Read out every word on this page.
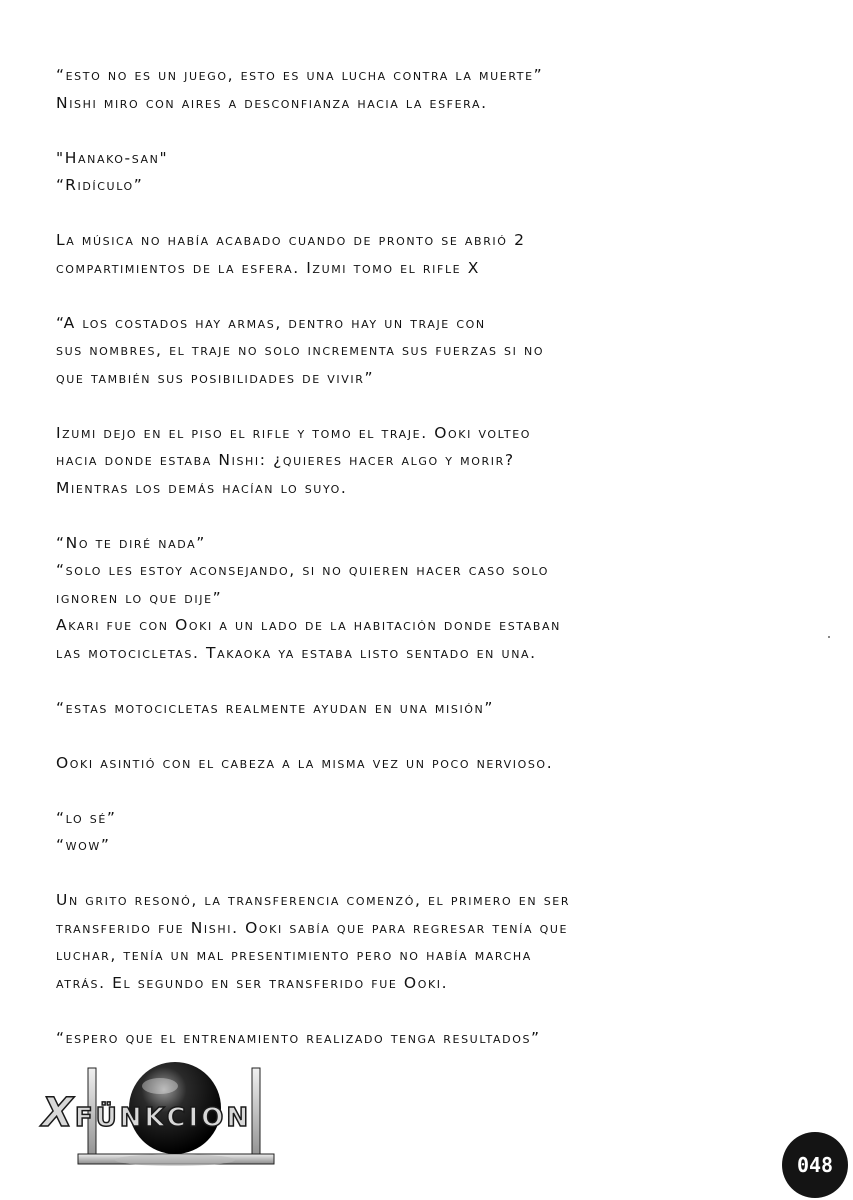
“esto no es un juego, esto es una lucha contra la muerte”
Nishi miro con aires a desconfianza hacia la esfera.
"Hanako-san"
“Ridículo”
La música no había acabado cuando de pronto se abrió 2
compartimientos de la esfera. Izumi tomo el rifle X
“A los costados hay armas, dentro hay un traje con
sus nombres, el traje no solo incrementa sus fuerzas si no
que también sus posibilidades de vivir”
Izumi dejo en el piso el rifle y tomo el traje. Ooki volteo
hacia donde estaba Nishi: ¿quieres hacer algo y morir?
Mientras los demás hacían lo suyo.
“No te diré nada”
“solo les estoy aconsejando, si no quieren hacer caso solo
ignoren lo que dije”
Akari fue con Ooki a un lado de la habitación donde estaban
las motocicletas. Takaoka ya estaba listo sentado en una.
“estas motocicletas realmente ayudan en una misión”
Ooki asintió con el cabeza a la misma vez un poco nervioso.
“lo sé”
“wow”
Un grito resonó, la transferencia comenzó, el primero en ser
transferido fue Nishi. Ooki sabía que para regresar tenía que
luchar, tenía un mal presentimiento pero no había marcha
atrás. El segundo en ser transferido fue Ooki.
“espero que el entrenamiento realizado tenga resultados”
XFÜNKCION
048
